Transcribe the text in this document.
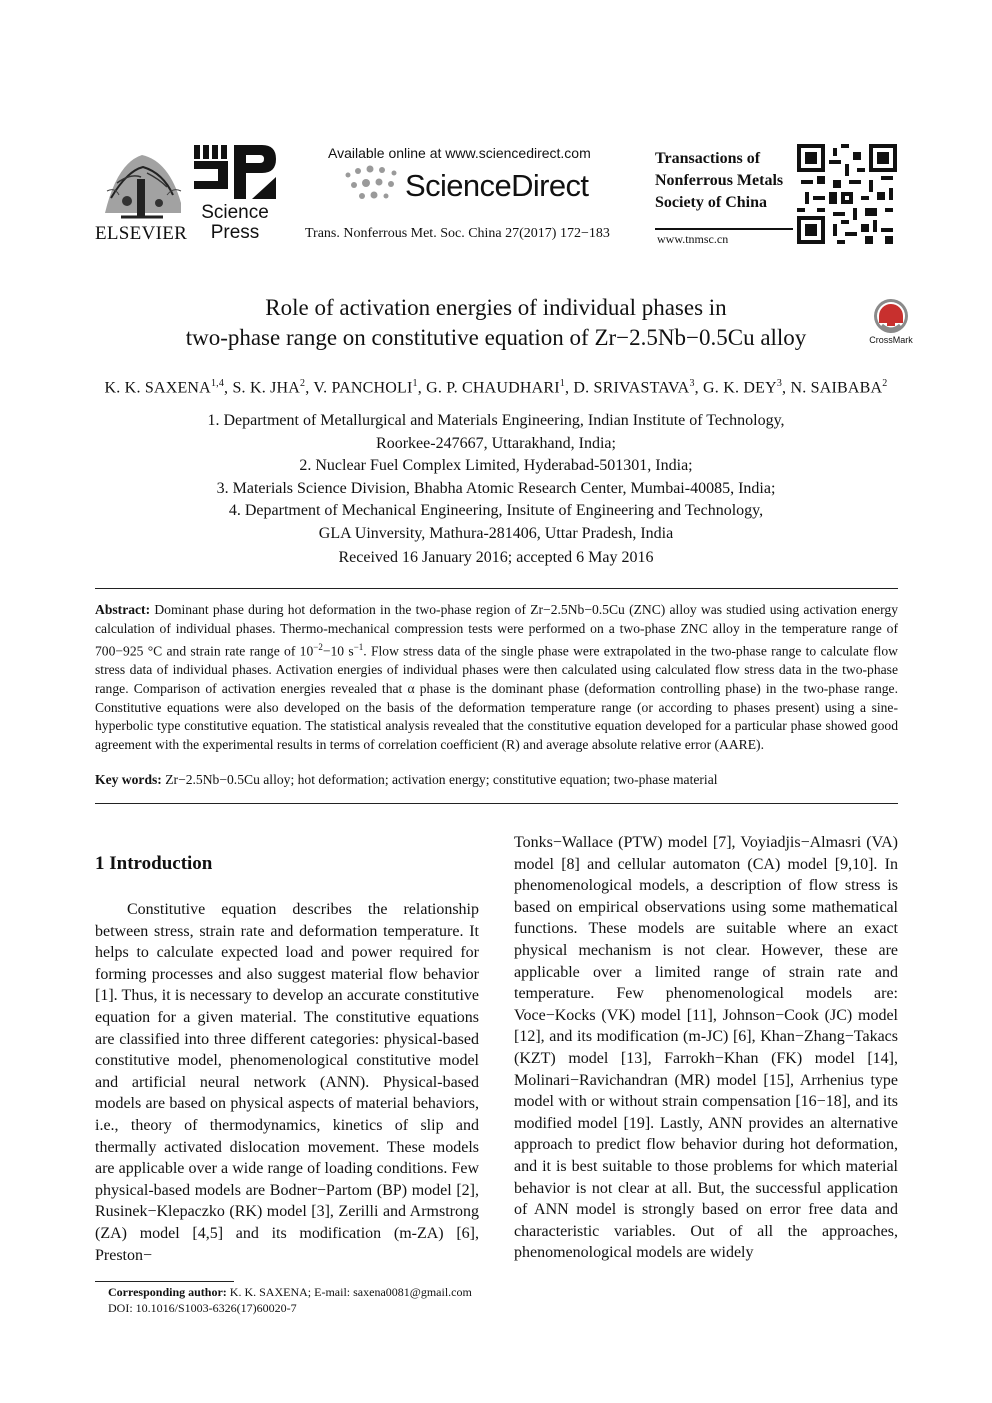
ELSEVIER
Science
Press
Available online at www.sciencedirect.com
ScienceDirect
Trans. Nonferrous Met. Soc. China 27(2017) 172−183
Transactions of
Nonferrous Metals
Society of China
www.tnmsc.cn
Role of activation energies of individual phases in
two-phase range on constitutive equation of Zr−2.5Nb−0.5Cu alloy	CrossMark
K. K. SAXENA$^{1,4}$, S. K. JHA$^2$, V. PANCHOLI$^1$, G. P. CHAUDHARI$^1$, D. SRIVASTAVA$^3$, G. K. DEY$^3$, N. SAIBABA$^2$
1. Department of Metallurgical and Materials Engineering, Indian Institute of Technology,
Roorkee-247667, Uttarakhand, India;
2. Nuclear Fuel Complex Limited, Hyderabad-501301, India;
3. Materials Science Division, Bhabha Atomic Research Center, Mumbai-40085, India;
4. Department of Mechanical Engineering, Insitute of Engineering and Technology,
GLA Uinversity, Mathura-281406, Uttar Pradesh, India
Received 16 January 2016; accepted 6 May 2016
Abstract: Dominant phase during hot deformation in the two-phase region of Zr−2.5Nb−0.5Cu (ZNC) alloy was studied using activation energy calculation of individual phases. Thermo-mechanical compression tests were performed on a two-phase ZNC alloy in the temperature range of 700−925 °C and strain rate range of $10^{-2}-10$ $s^{-1}$. Flow stress data of the single phase were extrapolated in the two-phase range to calculate flow stress data of individual phases. Activation energies of individual phases were then calculated using calculated flow stress data in the two-phase range. Comparison of activation energies revealed that α phase is the dominant phase (deformation controlling phase) in the two-phase range. Constitutive equations were also developed on the basis of the deformation temperature range (or according to phases present) using a sine-hyperbolic type constitutive equation. The statistical analysis revealed that the constitutive equation developed for a particular phase showed good agreement with the experimental results in terms of correlation coefficient (R) and average absolute relative error (AARE).
Key words: Zr−2.5Nb−0.5Cu alloy; hot deformation; activation energy; constitutive equation; two-phase material
1 Introduction
Constitutive equation describes the relationship between stress, strain rate and deformation temperature. It helps to calculate expected load and power required for forming processes and also suggest material flow behavior [1]. Thus, it is necessary to develop an accurate constitutive equation for a given material. The constitutive equations are classified into three different categories: physical-based constitutive model, phenomenological constitutive model and artificial neural network (ANN). Physical-based models are based on physical aspects of material behaviors, i.e., theory of thermodynamics, kinetics of slip and thermally activated dislocation movement. These models are applicable over a wide range of loading conditions. Few physical-based models are Bodner−Partom (BP) model [2], Rusinek−Klepaczko (RK) model [3], Zerilli and Armstrong (ZA) model [4,5] and its modification (m-ZA) [6], Preston−
Tonks−Wallace (PTW) model [7], Voyiadjis−Almasri (VA) model [8] and cellular automaton (CA) model [9,10]. In phenomenological models, a description of flow stress is based on empirical observations using some mathematical functions. These models are suitable where an exact physical mechanism is not clear. However, these are applicable over a limited range of strain rate and temperature. Few phenomenological models are: Voce−Kocks (VK) model [11], Johnson−Cook (JC) model [12], and its modification (m-JC) [6], Khan−Zhang−Takacs (KZT) model [13], Farrokh−Khan (FK) model [14], Molinari−Ravichandran (MR) model [15], Arrhenius type model with or without strain compensation [16−18], and its modified model [19]. Lastly, ANN provides an alternative approach to predict flow behavior during hot deformation, and it is best suitable to those problems for which material behavior is not clear at all. But, the successful application of ANN model is strongly based on error free data and characteristic variables. Out of all the approaches, phenomenological models are widely
Corresponding author: K. K. SAXENA; E-mail: saxena0081@gmail.com
DOI: 10.1016/S1003-6326(17)60020-7
